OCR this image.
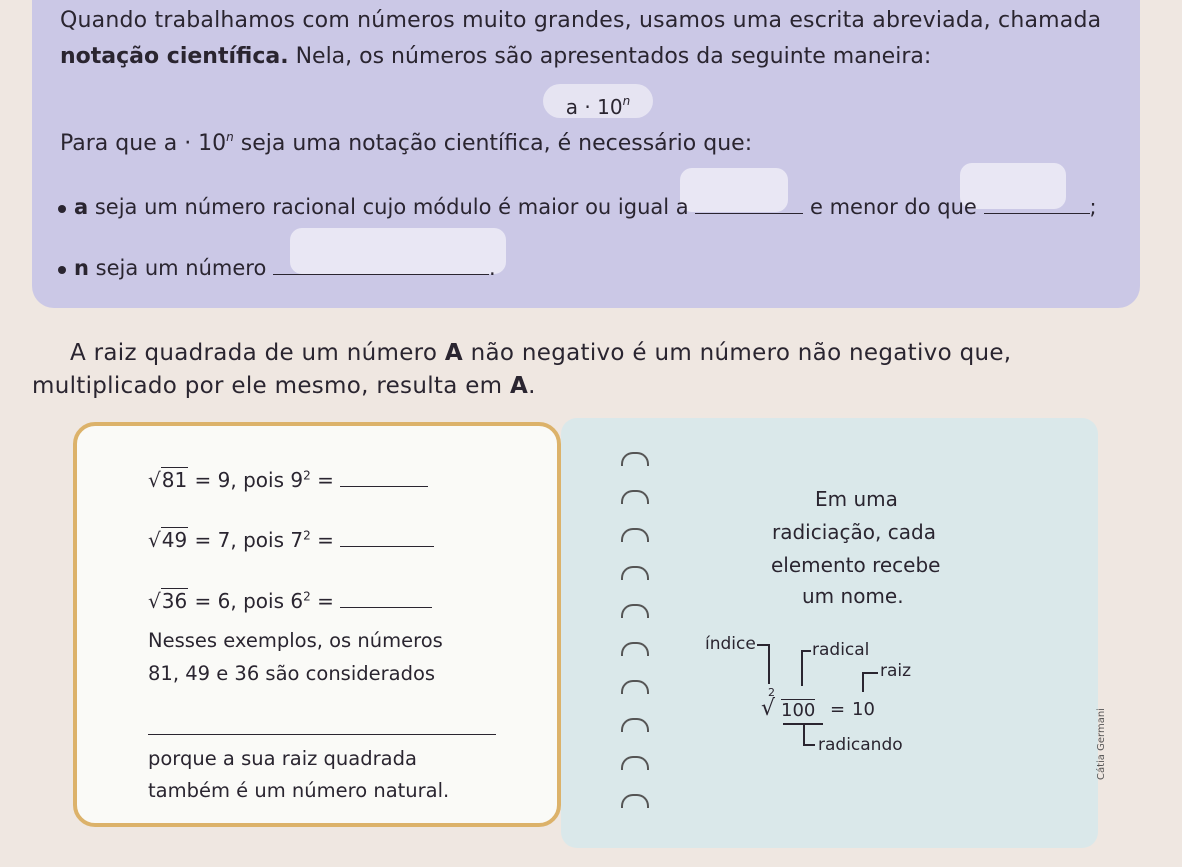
Quando trabalhamos com números muito grandes, usamos uma escrita abreviada, chamada
notação científica. Nela, os números são apresentados da seguinte maneira:
$a \cdot 10^n$
Para que $a \cdot 10^n$ seja uma notação científica, é necessário que:
a seja um número racional cujo módulo é maior ou igual a	e menor do que	;
n seja um número	.
A raiz quadrada de um número A não negativo é um número não negativo que,
multiplicado por ele mesmo, resulta em A.
Em uma
radiciação, cada
elemento recebe
um nome.
índice	radical
raiz
2
√ 100 = 10
radicando	Cátia Germani
√81 = 9, pois $9^2$ =
√49 = 7, pois $7^2$ =
√36 = 6, pois $6^2$ =
Nesses exemplos, os números
81, 49 e 36 são considerados
porque a sua raiz quadrada
também é um número natural.
